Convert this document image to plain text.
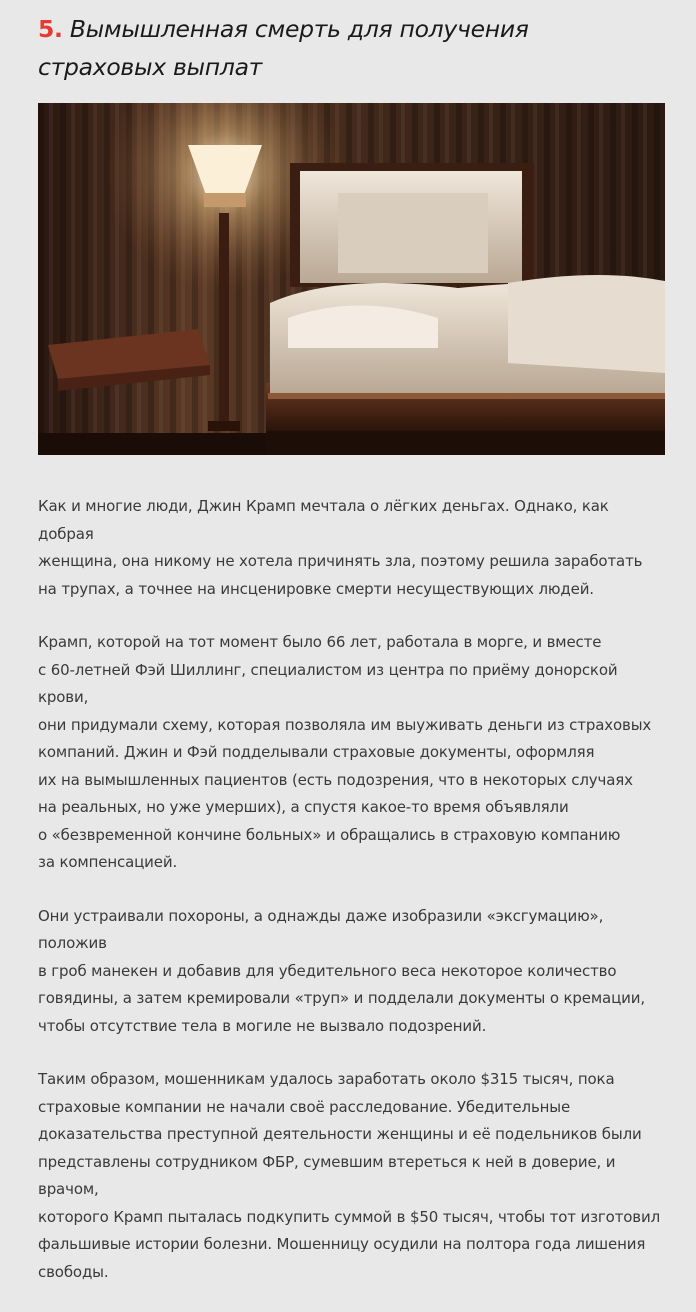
5. Вымышленная смерть для получения
страховых выплат

Как и многие люди, Джин Крамп мечтала о лёгких деньгах. Однако, как добрая
женщина, она никому не хотела причинять зла, поэтому решила заработать
на трупах, а точнее на инсценировке смерти несуществующих людей.

Крамп, которой на тот момент было 66 лет, работала в морге, и вместе
с 60-летней Фэй Шиллинг, специалистом из центра по приёму донорской крови,
они придумали схему, которая позволяла им выуживать деньги из страховых
компаний. Джин и Фэй подделывали страховые документы, оформляя
их на вымышленных пациентов (есть подозрения, что в некоторых случаях
на реальных, но уже умерших), а спустя какое-то время объявляли
о «безвременной кончине больных» и обращались в страховую компанию
за компенсацией.

Они устраивали похороны, а однажды даже изобразили «эксгумацию», положив
в гроб манекен и добавив для убедительного веса некоторое количество
говядины, а затем кремировали «труп» и подделали документы о кремации,
чтобы отсутствие тела в могиле не вызвало подозрений.

Таким образом, мошенникам удалось заработать около $315 тысяч, пока
страховые компании не начали своё расследование. Убедительные
доказательства преступной деятельности женщины и её подельников были
представлены сотрудником ФБР, сумевшим втереться к ней в доверие, и врачом,
которого Крамп пыталась подкупить суммой в $50 тысяч, чтобы тот изготовил
фальшивые истории болезни. Мошенницу осудили на полтора года лишения
свободы.
